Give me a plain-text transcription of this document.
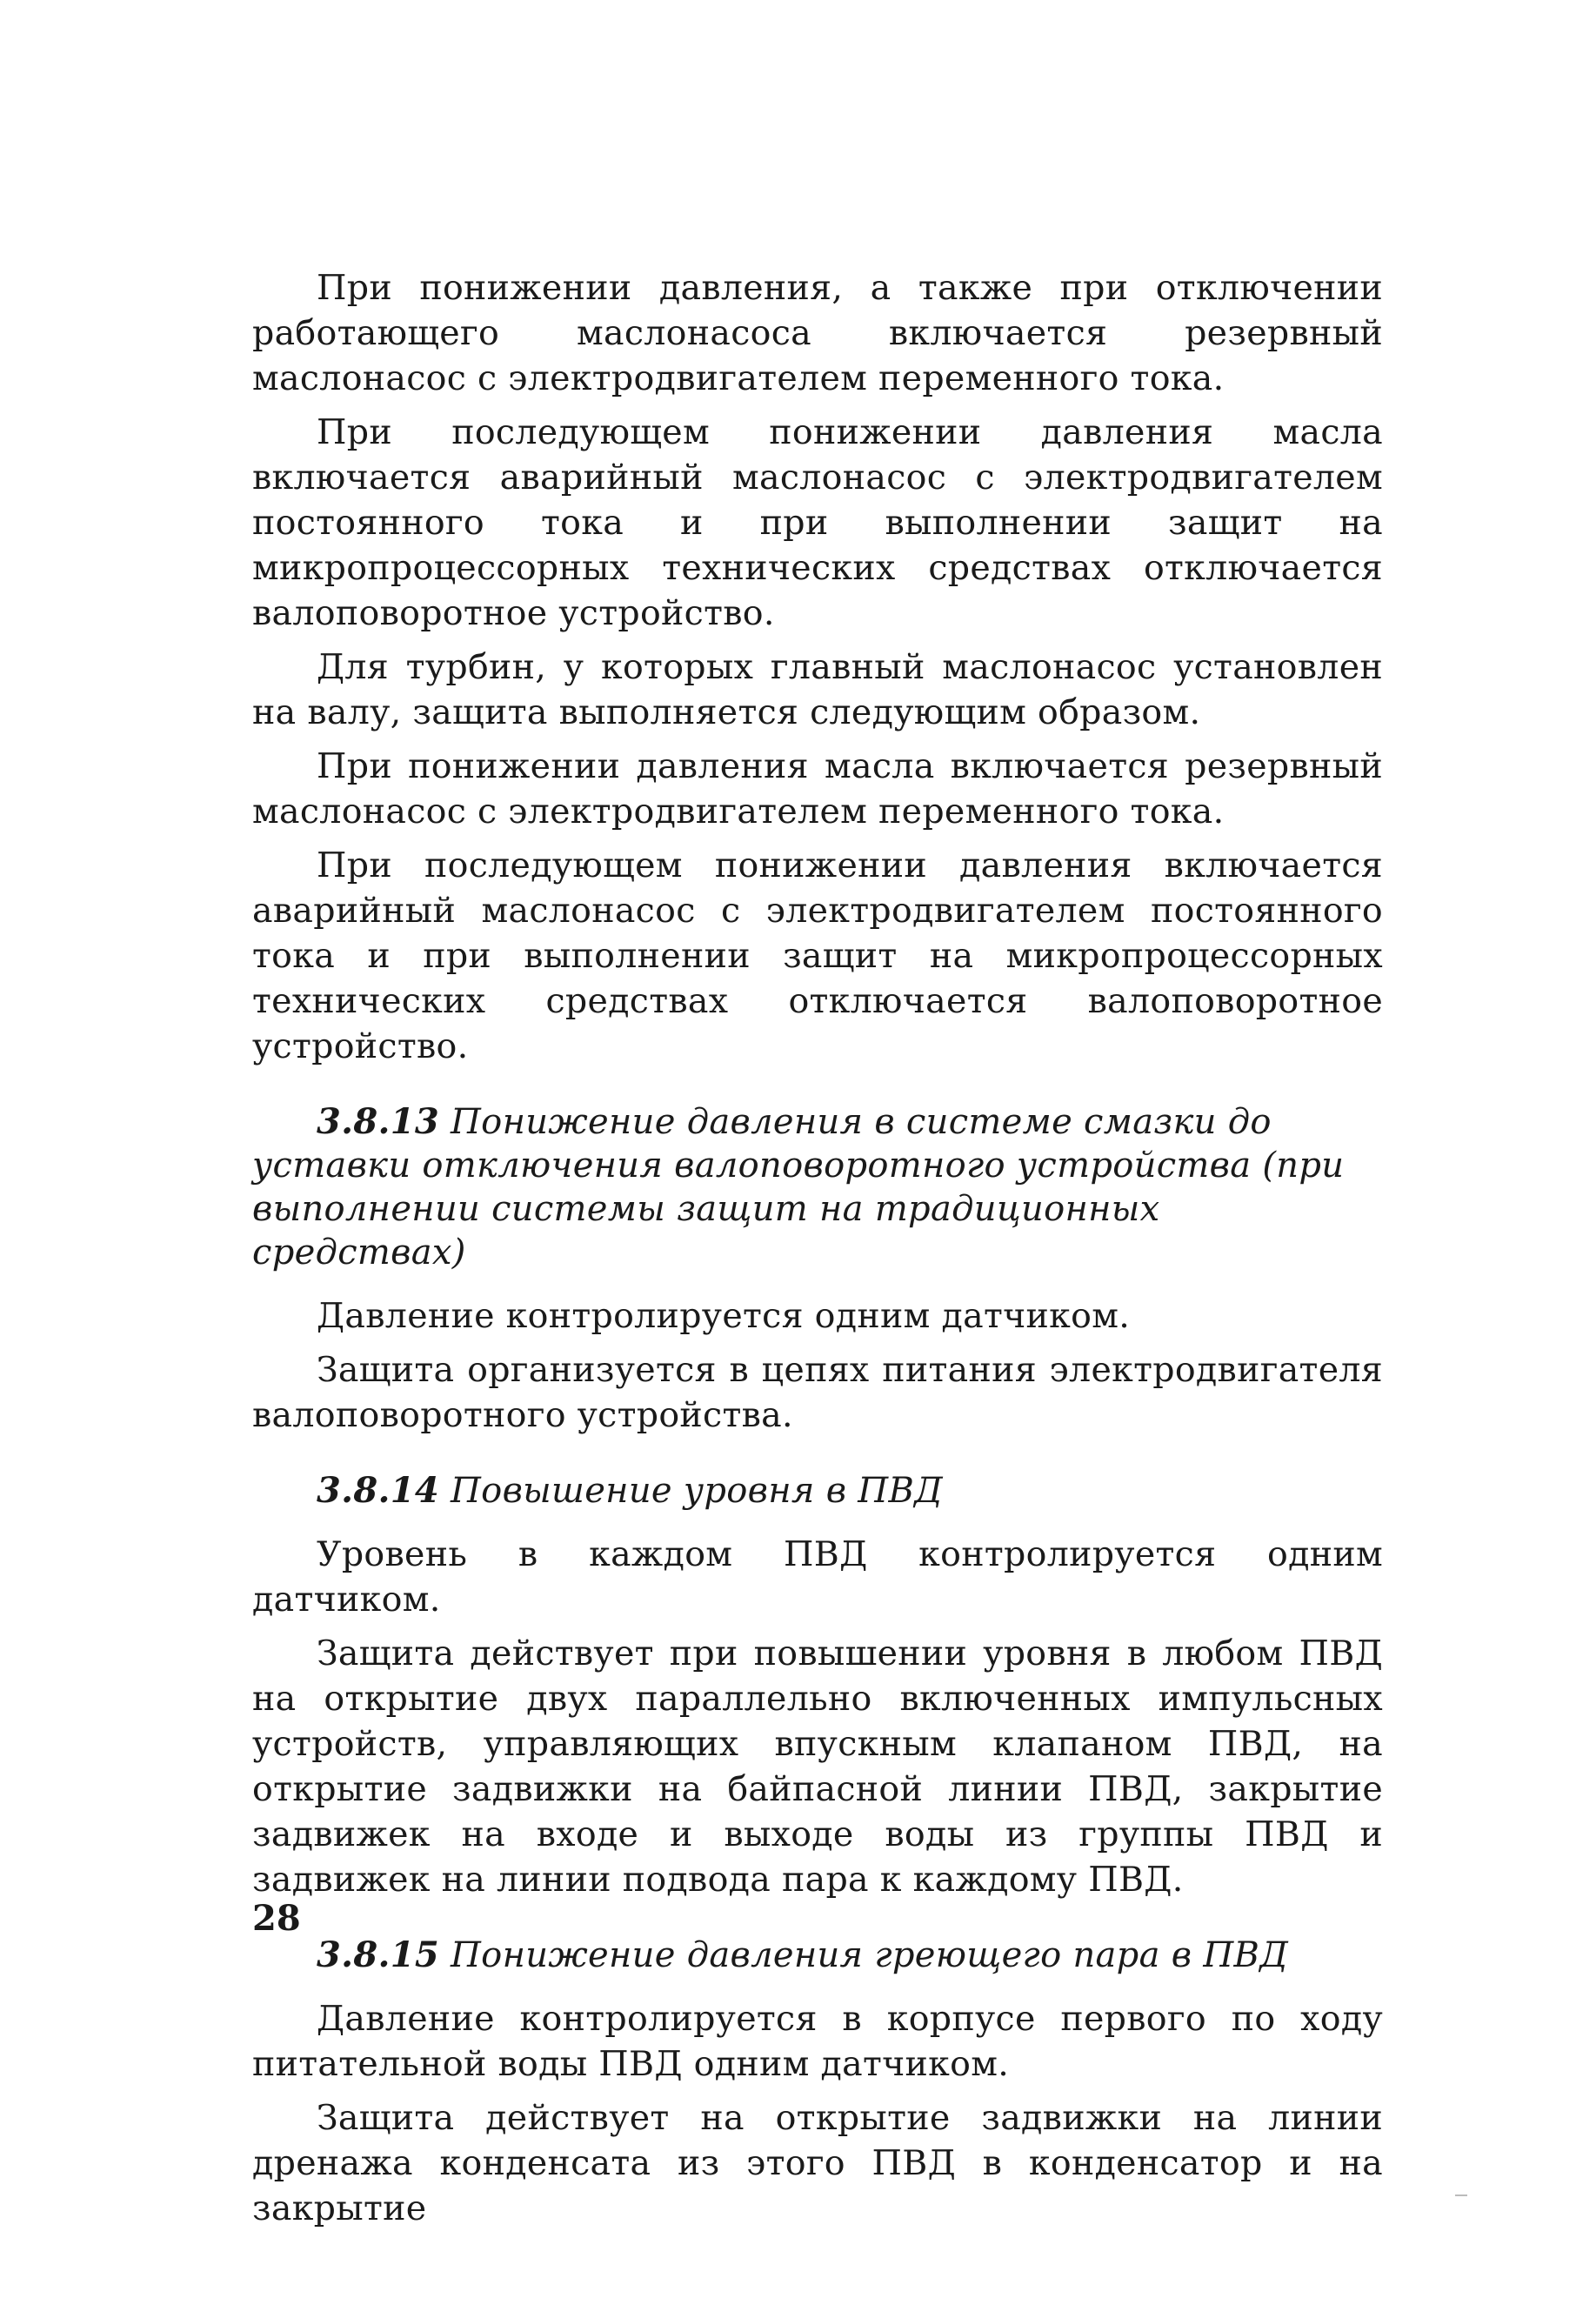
При понижении давления, а также при отключении работающего маслонасоса включается резервный маслонасос с электродвигателем переменного тока.

При последующем понижении давления масла включается аварийный маслонасос с электродвигателем постоянного тока и при выполнении защит на микропроцессорных технических средствах отключается валоповоротное устройство.

Для турбин, у которых главный маслонасос установлен на валу, защита выполняется следующим образом.

При понижении давления масла включается резервный маслонасос с электродвигателем переменного тока.

При последующем понижении давления включается аварийный маслонасос с электродвигателем постоянного тока и при выполнении защит на микропроцессорных технических средствах отключается валоповоротное устройство.

3.8.13 Понижение давления в системе смазки до уставки отключения валоповоротного устройства (при выполнении системы защит на традиционных средствах)

Давление контролируется одним датчиком.

Защита организуется в цепях питания электродвигателя валоповоротного устройства.

3.8.14 Повышение уровня в ПВД

Уровень в каждом ПВД контролируется одним датчиком.

Защита действует при повышении уровня в любом ПВД на открытие двух параллельно включенных импульсных устройств, управляющих впускным клапаном ПВД, на открытие задвижки на байпасной линии ПВД, закрытие задвижек на входе и выходе воды из группы ПВД и задвижек на линии подвода пара к каждому ПВД.

3.8.15 Понижение давления греющего пара в ПВД

Давление контролируется в корпусе первого по ходу питательной воды ПВД одним датчиком.

Защита действует на открытие задвижки на линии дренажа конденсата из этого ПВД в конденсатор и на закрытие

28
